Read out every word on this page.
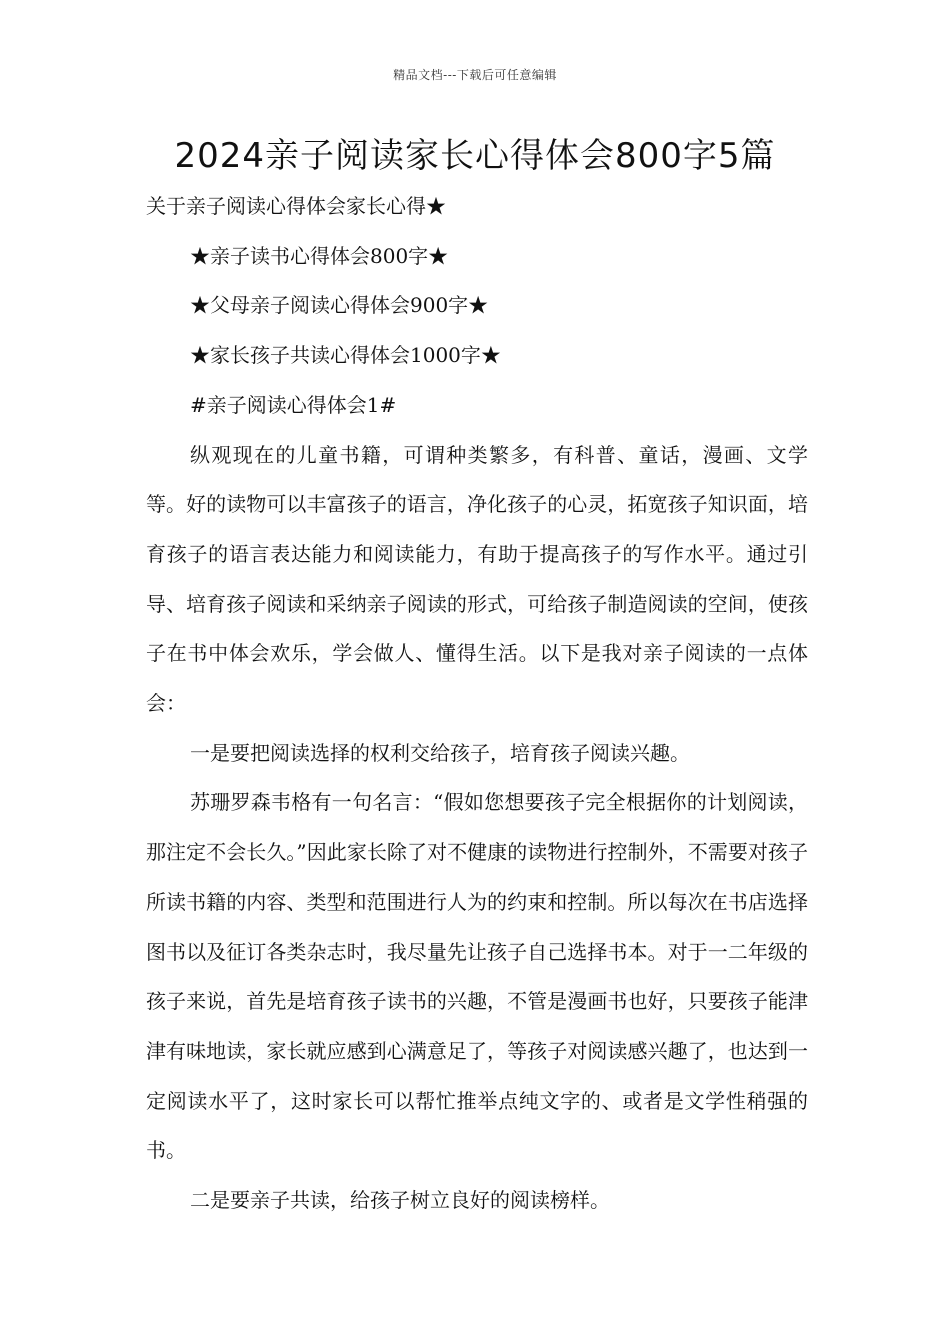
精品文档---下载后可任意编辑
2024亲子阅读家长心得体会800字5篇

关于亲子阅读心得体会家长心得★

★亲子读书心得体会800字★

★父母亲子阅读心得体会900字★

★家长孩子共读心得体会1000字★

#亲子阅读心得体会1#

纵观现在的儿童书籍，可谓种类繁多，有科普、童话，漫画、文学等。好的读物可以丰富孩子的语言，净化孩子的心灵，拓宽孩子知识面，培育孩子的语言表达能力和阅读能力，有助于提高孩子的写作水平。通过引导、培育孩子阅读和采纳亲子阅读的形式，可给孩子制造阅读的空间，使孩子在书中体会欢乐，学会做人、懂得生活。以下是我对亲子阅读的一点体会：

一是要把阅读选择的权利交给孩子，培育孩子阅读兴趣。

苏珊罗森韦格有一句名言：“假如您想要孩子完全根据你的计划阅读，那注定不会长久。”因此家长除了对不健康的读物进行控制外，不需要对孩子所读书籍的内容、类型和范围进行人为的约束和控制。所以每次在书店选择图书以及征订各类杂志时，我尽量先让孩子自己选择书本。对于一二年级的孩子来说，首先是培育孩子读书的兴趣，不管是漫画书也好，只要孩子能津津有味地读，家长就应感到心满意足了，等孩子对阅读感兴趣了，也达到一定阅读水平了，这时家长可以帮忙推举点纯文字的、或者是文学性稍强的书。

二是要亲子共读，给孩子树立良好的阅读榜样。
